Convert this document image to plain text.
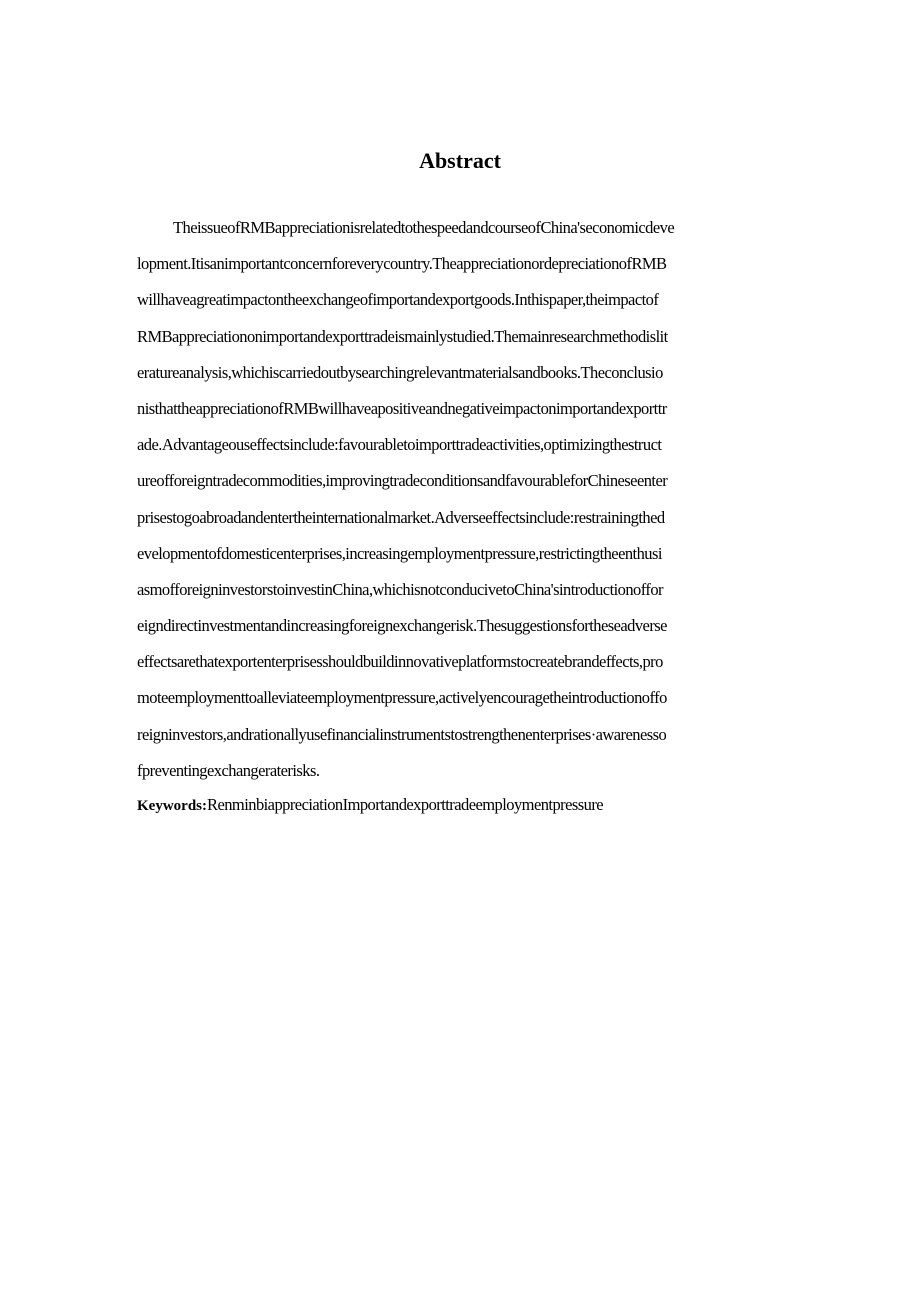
Abstract
TheissueofRMBappreciationisrelatedtothespeedandcourseofChina'seconomicdeve
lopment.Itisanimportantconcernforeverycountry.TheappreciationordepreciationofRMB
willhaveagreatimpactontheexchangeofimportandexportgoods.Inthispaper,theimpactof
RMBappreciationonimportandexporttradeismainlystudied.Themainresearchmethodislit
eratureanalysis,whichiscarriedoutbysearchingrelevantmaterialsandbooks.Theconclusio
nisthattheappreciationofRMBwillhaveapositiveandnegativeimpactonimportandexporttr
ade.Advantageouseffectsinclude:favourabletoimporttradeactivities,optimizingthestruct
ureofforeigntradecommodities,improvingtradeconditionsandfavourableforChineseenter
prisestogoabroadandentertheinternationalmarket.Adverseeffectsinclude:restrainingthed
evelopmentofdomesticenterprises,increasingemploymentpressure,restrictingtheenthusi
asmofforeigninvestorstoinvestinChina,whichisnotconducivetoChina'sintroductionoffor
eigndirectinvestmentandincreasingforeignexchangerisk.Thesuggestionsfortheseadverse
effectsarethatexportenterprisesshouldbuildinnovativeplatformstocreatebrandeffects,pro
moteemploymenttoalleviateemploymentpressure,activelyencouragetheintroductionoffo
reigninvestors,andrationallyusefinancialinstrumentstostrengthenenterprises·awarenesso
fpreventingexchangeraterisks.
Keywords:RenminbiappreciationImportandexporttradeemploymentpressure
